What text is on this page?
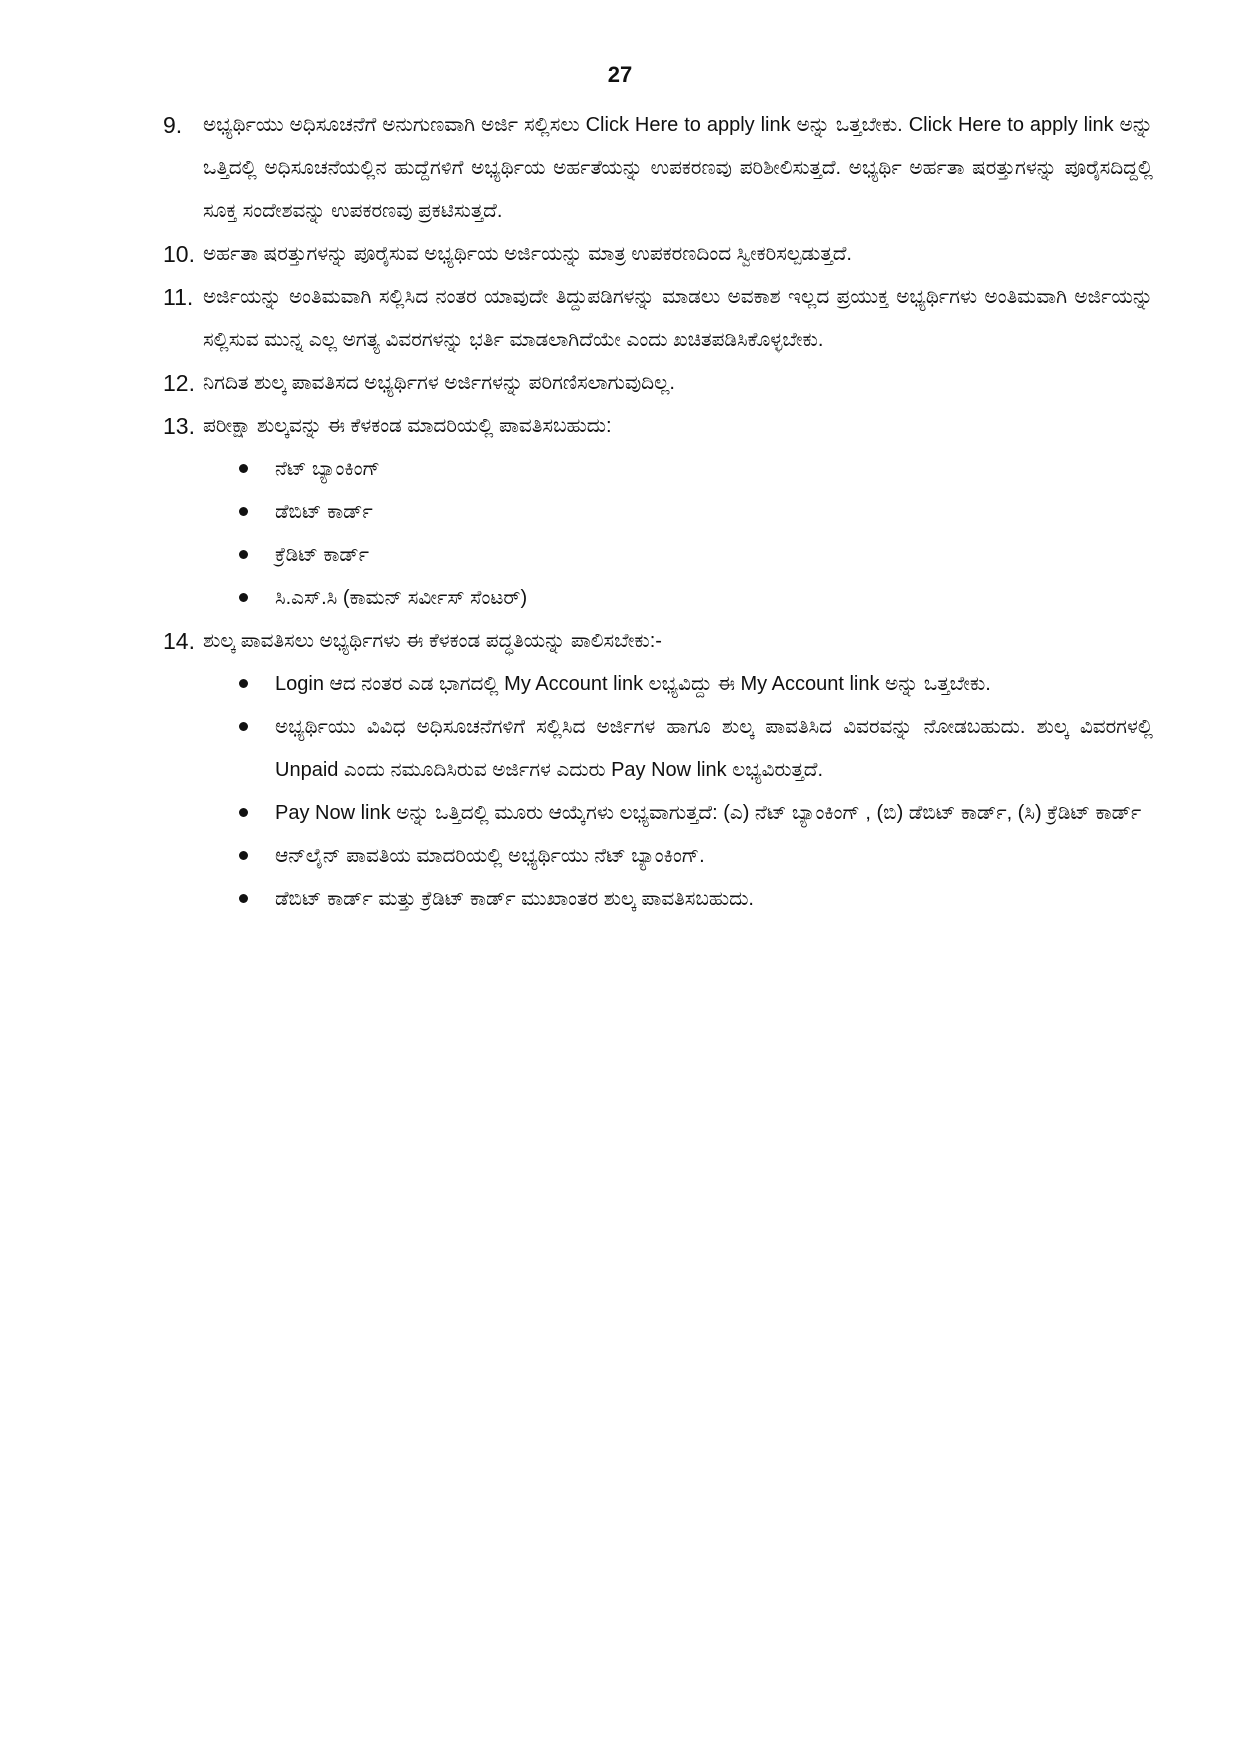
27
9. ಅಭ್ಯರ್ಥಿಯು ಅಧಿಸೂಚನೆಗೆ ಅನುಗುಣವಾಗಿ ಅರ್ಜಿ ಸಲ್ಲಿಸಲು Click Here to apply link ಅನ್ನು ಒತ್ತಬೇಕು. Click Here to apply link ಅನ್ನು ಒತ್ತಿದಲ್ಲಿ ಅಧಿಸೂಚನೆಯಲ್ಲಿನ ಹುದ್ದೆಗಳಿಗೆ ಅಭ್ಯರ್ಥಿಯ ಅರ್ಹತೆಯನ್ನು ಉಪಕರಣವು ಪರಿಶೀಲಿಸುತ್ತದೆ. ಅಭ್ಯರ್ಥಿ ಅರ್ಹತಾ ಷರತ್ತುಗಳನ್ನು ಪೂರೈಸದಿದ್ದಲ್ಲಿ ಸೂಕ್ತ ಸಂದೇಶವನ್ನು ಉಪಕರಣವು ಪ್ರಕಟಿಸುತ್ತದೆ.
10. ಅರ್ಹತಾ ಷರತ್ತುಗಳನ್ನು ಪೂರೈಸುವ ಅಭ್ಯರ್ಥಿಯ ಅರ್ಜಿಯನ್ನು ಮಾತ್ರ ಉಪಕರಣದಿಂದ ಸ್ವೀಕರಿಸಲ್ಪಡುತ್ತದೆ.
11. ಅರ್ಜಿಯನ್ನು ಅಂತಿಮವಾಗಿ ಸಲ್ಲಿಸಿದ ನಂತರ ಯಾವುದೇ ತಿದ್ದುಪಡಿಗಳನ್ನು ಮಾಡಲು ಅವಕಾಶ ಇಲ್ಲದ ಪ್ರಯುಕ್ತ ಅಭ್ಯರ್ಥಿಗಳು ಅಂತಿಮವಾಗಿ ಅರ್ಜಿಯನ್ನು ಸಲ್ಲಿಸುವ ಮುನ್ನ ಎಲ್ಲ ಅಗತ್ಯ ವಿವರಗಳನ್ನು ಭರ್ತಿ ಮಾಡಲಾಗಿದೆಯೇ ಎಂದು ಖಚಿತಪಡಿಸಿಕೊಳ್ಳಬೇಕು.
12. ನಿಗದಿತ ಶುಲ್ಕ ಪಾವತಿಸದ ಅಭ್ಯರ್ಥಿಗಳ ಅರ್ಜಿಗಳನ್ನು ಪರಿಗಣಿಸಲಾಗುವುದಿಲ್ಲ.
13. ಪರೀಕ್ಷಾ ಶುಲ್ಕವನ್ನು ಈ ಕೆಳಕಂಡ ಮಾದರಿಯಲ್ಲಿ ಪಾವತಿಸಬಹುದು:
ನೆಟ್ ಬ್ಯಾಂಕಿಂಗ್
ಡೆಬಿಟ್ ಕಾರ್ಡ್
ಕ್ರೆಡಿಟ್ ಕಾರ್ಡ್
ಸಿ.ಎಸ್.ಸಿ (ಕಾಮನ್ ಸರ್ವೀಸ್ ಸೆಂಟರ್)
14. ಶುಲ್ಕ ಪಾವತಿಸಲು ಅಭ್ಯರ್ಥಿಗಳು ಈ ಕೆಳಕಂಡ ಪದ್ಧತಿಯನ್ನು ಪಾಲಿಸಬೇಕು:-
Login ಆದ ನಂತರ ಎಡ ಭಾಗದಲ್ಲಿ My Account link ಲಭ್ಯವಿದ್ದು ಈ My Account link ಅನ್ನು ಒತ್ತಬೇಕು.
ಅಭ್ಯರ್ಥಿಯು ವಿವಿಧ ಅಧಿಸೂಚನೆಗಳಿಗೆ ಸಲ್ಲಿಸಿದ ಅರ್ಜಿಗಳ ಹಾಗೂ ಶುಲ್ಕ ಪಾವತಿಸಿದ ವಿವರವನ್ನು ನೋಡಬಹುದು. ಶುಲ್ಕ ವಿವರಗಳಲ್ಲಿ Unpaid ಎಂದು ನಮೂದಿಸಿರುವ ಅರ್ಜಿಗಳ ಎದುರು Pay Now link ಲಭ್ಯವಿರುತ್ತದೆ.
Pay Now link ಅನ್ನು ಒತ್ತಿದಲ್ಲಿ ಮೂರು ಆಯ್ಕೆಗಳು ಲಭ್ಯವಾಗುತ್ತದೆ: (ಎ) ನೆಟ್ ಬ್ಯಾಂಕಿಂಗ್ , (ಬಿ) ಡೆಬಿಟ್ ಕಾರ್ಡ್, (ಸಿ) ಕ್ರೆಡಿಟ್ ಕಾರ್ಡ್
ಆನ್‌ಲೈನ್ ಪಾವತಿಯ ಮಾದರಿಯಲ್ಲಿ ಅಭ್ಯರ್ಥಿಯು ನೆಟ್ ಬ್ಯಾಂಕಿಂಗ್.
ಡೆಬಿಟ್ ಕಾರ್ಡ್ ಮತ್ತು ಕ್ರೆಡಿಟ್ ಕಾರ್ಡ್ ಮುಖಾಂತರ ಶುಲ್ಕ ಪಾವತಿಸಬಹುದು.
